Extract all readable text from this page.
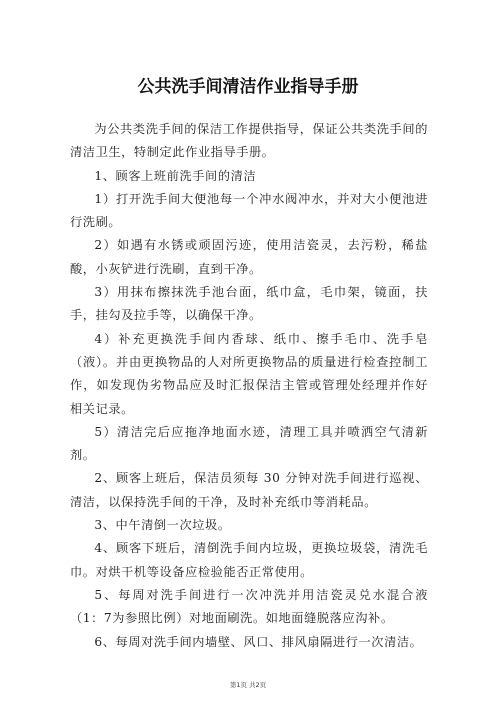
公共洗手间清洁作业指导手册

为公共类洗手间的保洁工作提供指导，保证公共类洗手间的清洁卫生，特制定此作业指导手册。

1、顾客上班前洗手间的清洁

1）打开洗手间大便池每一个冲水阀冲水，并对大小便池进行洗刷。

2）如遇有水锈或顽固污迹，使用洁瓷灵，去污粉，稀盐酸，小灰铲进行洗刷，直到干净。

3）用抹布擦抹洗手池台面，纸巾盒，毛巾架，镜面，扶手，挂勾及拉手等，以确保干净。

4）补充更换洗手间内香球、纸巾、擦手毛巾、洗手皂（液）。并由更换物品的人对所更换物品的质量进行检查控制工作，如发现伪劣物品应及时汇报保洁主管或管理处经理并作好相关记录。

5）清洁完后应拖净地面水迹，清理工具并喷洒空气清新剂。

2、顾客上班后，保洁员须每 30 分钟对洗手间进行巡视、清洁，以保持洗手间的干净，及时补充纸巾等消耗品。

3、中午清倒一次垃圾。

4、顾客下班后，清倒洗手间内垃圾，更换垃圾袋，清洗毛巾。对烘干机等设备应检验能否正常使用。

5、每周对洗手间进行一次冲洗并用洁瓷灵兑水混合液（1：7为参照比例）对地面刷洗。如地面缝脱落应沟补。

6、每周对洗手间内墙壁、风口、排风扇隔进行一次清洁。

第1页 共2页
